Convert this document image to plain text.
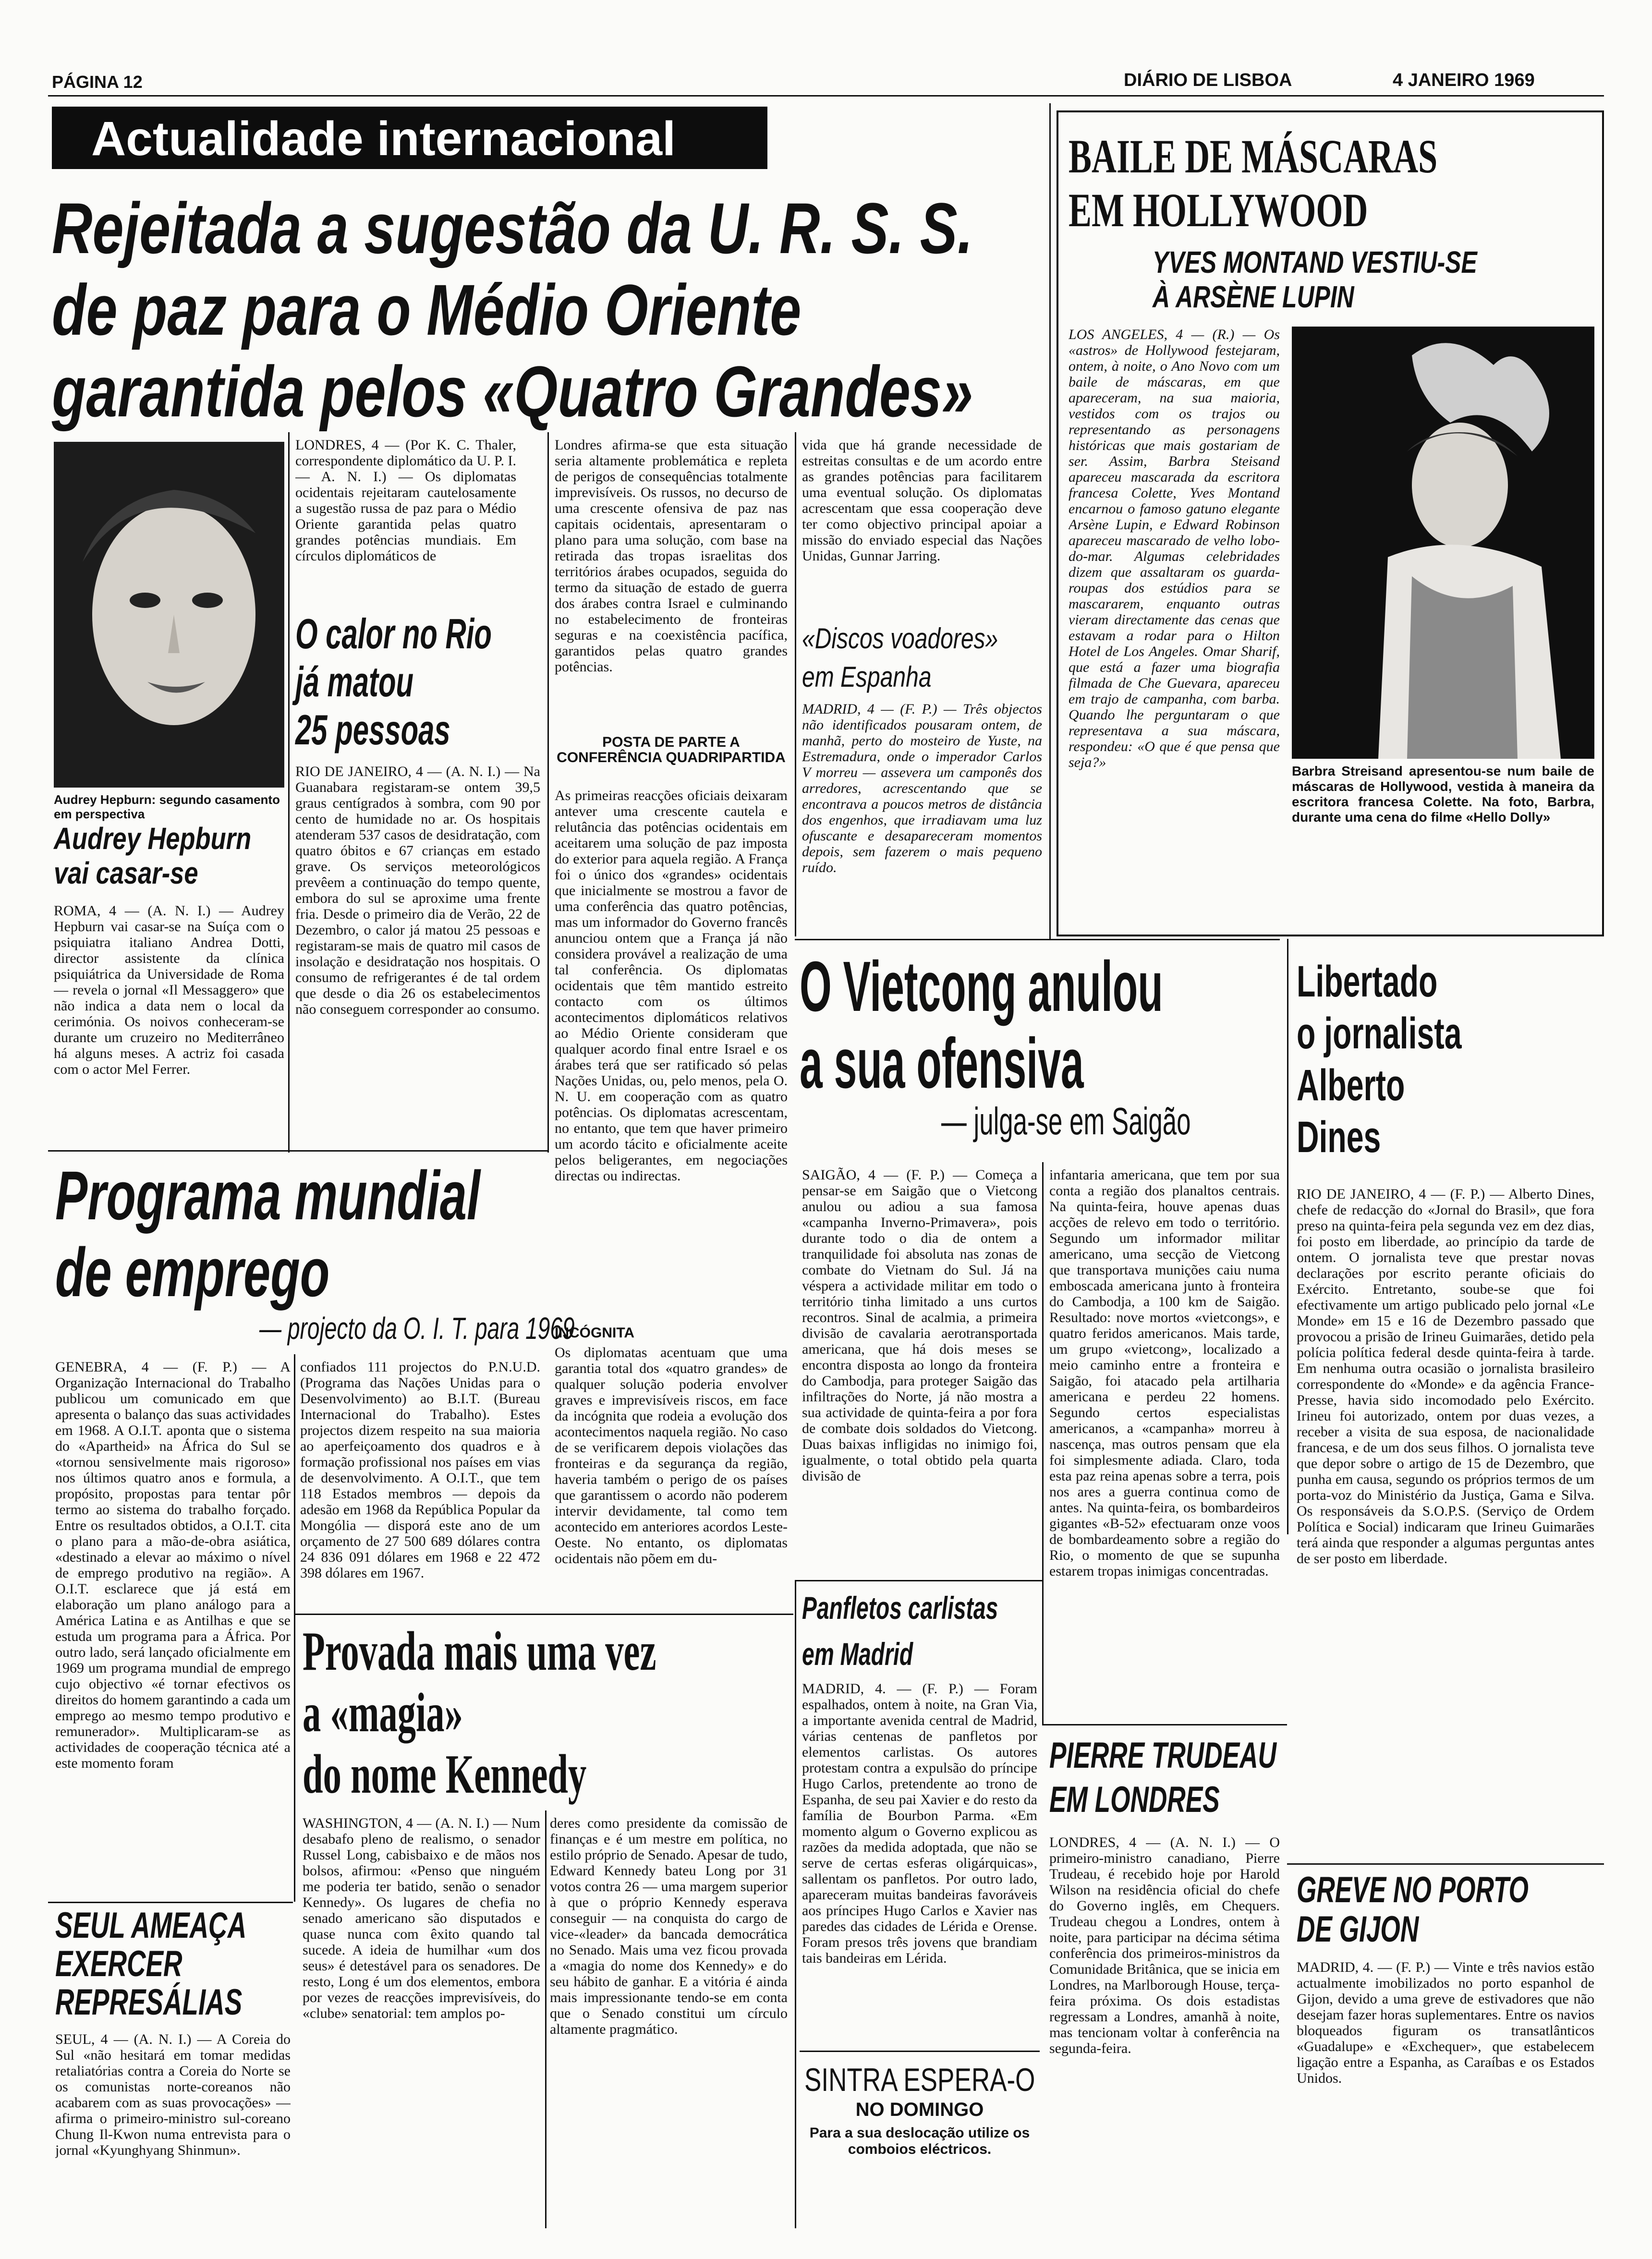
PÁGINA 12	DIÁRIO DE LISBOA	4 JANEIRO 1969
Actualidade internacional
Rejeitada a sugestão da U. R. S. S.
de paz para o Médio Oriente
garantida pelos «Quatro Grandes»
Audrey Hepburn: segundo casamento em perspectiva
Audrey Hepburn
vai casar-se
ROMA, 4 — (A. N. I.) — Audrey Hepburn vai casar-se na Suíça com o psiquiatra italiano Andrea Dotti, director assistente da clínica psiquiátrica da Universidade de Roma — revela o jornal «Il Messaggero» que não indica a data nem o local da cerimónia. Os noivos conheceram-se durante um cruzeiro no Mediterrâneo há alguns meses. A actriz foi casada com o actor Mel Ferrer.
LONDRES, 4 — (Por K. C. Thaler, correspondente diplomático da U. P. I. — A. N. I.) — Os diplomatas ocidentais rejeitaram cautelosamente a sugestão russa de paz para o Médio Oriente garantida pelas quatro grandes potências mundiais. Em círculos diplomáticos de
O calor no Rio
já matou
25 pessoas
RIO DE JANEIRO, 4 — (A. N. I.) — Na Guanabara registaram-se ontem 39,5 graus centígrados à sombra, com 90 por cento de humidade no ar. Os hospitais atenderam 537 casos de desidratação, com quatro óbitos e 67 crianças em estado grave. Os serviços meteorológicos prevêem a continuação do tempo quente, embora do sul se aproxime uma frente fria. Desde o primeiro dia de Verão, 22 de Dezembro, o calor já matou 25 pessoas e registaram-se mais de quatro mil casos de insolação e desidratação nos hospitais. O consumo de refrigerantes é de tal ordem que desde o dia 26 os estabelecimentos não conseguem corresponder ao consumo.
Londres afirma-se que esta situação seria altamente problemática e repleta de perigos de consequências totalmente imprevisíveis. Os russos, no decurso de uma crescente ofensiva de paz nas capitais ocidentais, apresentaram o plano para uma solução, com base na retirada das tropas israelitas dos territórios árabes ocupados, seguida do termo da situação de estado de guerra dos árabes contra Israel e culminando no estabelecimento de fronteiras seguras e na coexistência pacífica, garantidos pelas quatro grandes potências.
POSTA DE PARTE A CONFERÊNCIA QUADRIPARTIDA
As primeiras reacções oficiais deixaram antever uma crescente cautela e relutância das potências ocidentais em aceitarem uma solução de paz imposta do exterior para aquela região. A França foi o único dos «grandes» ocidentais que inicialmente se mostrou a favor de uma conferência das quatro potências, mas um informador do Governo francês anunciou ontem que a França já não considera provável a realização de uma tal conferência. Os diplomatas ocidentais que têm mantido estreito contacto com os últimos acontecimentos diplomáticos relativos ao Médio Oriente consideram que qualquer acordo final entre Israel e os árabes terá que ser ratificado só pelas Nações Unidas, ou, pelo menos, pela O. N. U. em cooperação com as quatro potências. Os diplomatas acrescentam, no entanto, que tem que haver primeiro um acordo tácito e oficialmente aceite pelos beligerantes, em negociações directas ou indirectas.
INCÓGNITA
Os diplomatas acentuam que uma garantia total dos «quatro grandes» de qualquer solução poderia envolver graves e imprevisíveis riscos, em face da incógnita que rodeia a evolução dos acontecimentos naquela região. No caso de se verificarem depois violações das fronteiras e da segurança da região, haveria também o perigo de os países que garantissem o acordo não poderem intervir devidamente, tal como tem acontecido em anteriores acordos Leste-Oeste. No entanto, os diplomatas ocidentais não põem em du-
vida que há grande necessidade de estreitas consultas e de um acordo entre as grandes potências para facilitarem uma eventual solução. Os diplomatas acrescentam que essa cooperação deve ter como objectivo principal apoiar a missão do enviado especial das Nações Unidas, Gunnar Jarring.
«Discos voadores»
em Espanha
MADRID, 4 — (F. P.) — Três objectos não identificados pousaram ontem, de manhã, perto do mosteiro de Yuste, na Estremadura, onde o imperador Carlos V morreu — asseverа um camponês dos arredores, acrescentando que se encontrava a poucos metros de distância dos engenhos, que irradiavam uma luz ofuscante e desapareceram momentos depois, sem fazerem o mais pequeno ruído.
BAILE DE MÁSCARAS
EM HOLLYWOOD
YVES MONTAND VESTIU-SE
À ARSÈNE LUPIN
LOS ANGELES, 4 — (R.) — Os «astros» de Hollywood festejaram, ontem, à noite, o Ano Novo com um baile de máscaras, em que apareceram, na sua maioria, vestidos com os trajos ou representando as personagens históricas que mais gostariam de ser. Assim, Barbra Steisand apareceu mascarada da escritora francesa Colette, Yves Montand encarnou o famoso gatuno elegante Arsène Lupin, e Edward Robinson apareceu mascarado de velho lobo-do-mar. Algumas celebridades dizem que assaltaram os guarda-roupas dos estúdios para se mascararem, enquanto outras vieram directamente das cenas que estavam a rodar para o Hilton Hotel de Los Angeles. Omar Sharif, que está a fazer uma biografia filmada de Che Guevara, apareceu em trajo de campanha, com barba. Quando lhe perguntaram o que representava a sua máscara, respondeu: «O que é que pensa que seja?»
Barbra Streisand apresentou-se num baile de máscaras de Hollywood, vestida à maneira da escritora francesa Colette. Na foto, Barbra, durante uma cena do filme «Hello Dolly»
O Vietcong anulou
a sua ofensiva
— julga-se em Saigão
SAIGÃO, 4 — (F. P.) — Começa a pensar-se em Saigão que o Vietcong anulou ou adiou a sua famosa «campanha Inverno-Primavera», pois durante todo o dia de ontem a tranquilidade foi absoluta nas zonas de combate do Vietnam do Sul. Já na véspera a actividade militar em todo o território tinha limitado a uns curtos recontros. Sinal de acalmia, a primeira divisão de cavalaria aerotransportada americana, que há dois meses se encontra disposta ao longo da fronteira do Cambodja, para proteger Saigão das infiltrações do Norte, já não mostra a sua actividade de quinta-feira a por fora de combate dois soldados do Vietcong. Duas baixas infligidas no inimigo foi, igualmente, o total obtido pela quarta divisão de
infantaria americana, que tem por sua conta a região dos planaltos centrais. Na quinta-feira, houve apenas duas acções de relevo em todo o território. Segundo um informador militar americano, uma secção de Vietcong que transportava munições caiu numa emboscada americana junto à fronteira do Cambodja, a 100 km de Saigão. Resultado: nove mortos «vietcongs», e quatro feridos americanos. Mais tarde, um grupo «vietcong», localizado a meio caminho entre a fronteira e Saigão, foi atacado pela artilharia americana e perdeu 22 homens. Segundo certos especialistas americanos, a «campanha» morreu à nascença, mas outros pensam que ela foi simplesmente adiada. Claro, toda esta paz reina apenas sobre a terra, pois nos ares a guerra continua como de antes. Na quinta-feira, os bombardeiros gigantes «B-52» efectuaram onze voos de bombardeamento sobre a região do Rio, o momento de que se supunha estarem tropas inimigas concentradas.
Libertado
o jornalista
Alberto
Dines
RIO DE JANEIRO, 4 — (F. P.) — Alberto Dines, chefe de redacção do «Jornal do Brasil», que fora preso na quinta-feira pela segunda vez em dez dias, foi posto em liberdade, ao princípio da tarde de ontem. O jornalista teve que prestar novas declarações por escrito perante oficiais do Exército. Entretanto, soube-se que foi efectivamente um artigo publicado pelo jornal «Le Monde» em 15 e 16 de Dezembro passado que provocou a prisão de Irineu Guimarães, detido pela polícia política federal desde quinta-feira à tarde. Em nenhuma outra ocasião o jornalista brasileiro correspondente do «Monde» e da agência France-Presse, havia sido incomodado pelo Exército. Irineu foi autorizado, ontem por duas vezes, a receber a visita de sua esposa, de nacionalidade francesa, e de um dos seus filhos. O jornalista teve que depor sobre o artigo de 15 de Dezembro, que punha em causa, segundo os próprios termos de um porta-voz do Ministério da Justiça, Gama e Silva. Os responsáveis da S.O.P.S. (Serviço de Ordem Política e Social) indicaram que Irineu Guimarães terá ainda que responder a algumas perguntas antes de ser posto em liberdade.
GREVE NO PORTO
DE GIJON
MADRID, 4. — (F. P.) — Vinte e três navios estão actualmente imobilizados no porto espanhol de Gijon, devido a uma greve de estivadores que não desejam fazer horas suplementares. Entre os navios bloqueados figuram os transatlânticos «Guadalupe» e «Exchequer», que estabelecem ligação entre a Espanha, as Caraíbas e os Estados Unidos.
Programa mundial
de emprego
— projecto da O. I. T. para 1969
GENEBRA, 4 — (F. P.) — A Organização Internacional do Trabalho publicou um comunicado em que apresenta o balanço das suas actividades em 1968. A O.I.T. aponta que o sistema do «Apartheid» na África do Sul se «tornou sensivelmente mais rigoroso» nos últimos quatro anos e formula, a propósito, propostas para tentar pôr termo ao sistema do trabalho forçado. Entre os resultados obtidos, a O.I.T. cita o plano para a mão-de-obra asiática, «destinado a elevar ao máximo o nível de emprego produtivo na região». A O.I.T. esclarece que já está em elaboração um plano análogo para a América Latina e as Antilhas e que se estuda um programa para a África. Por outro lado, será lançado oficialmente em 1969 um programa mundial de emprego cujo objectivo «é tornar efectivos os direitos do homem garantindo a cada um emprego ao mesmo tempo produtivo e remunerador». Multiplicaram-se as actividades de cooperação técnica até a este momento foram
confiados 111 projectos do P.N.U.D. (Programa das Nações Unidas para o Desenvolvimento) ao B.I.T. (Bureau Internacional do Trabalho). Estes projectos dizem respeito na sua maioria ao aperfeiçoamento dos quadros e à formação profissional nos países em vias de desenvolvimento. A O.I.T., que tem 118 Estados membros — depois da adesão em 1968 da República Popular da Mongólia — disporá este ano de um orçamento de 27 500 689 dólares contra 24 836 091 dólares em 1968 e 22 472 398 dólares em 1967.
SEUL AMEAÇA
EXERCER
REPRESÁLIAS
SEUL, 4 — (A. N. I.) — A Coreia do Sul «não hesitará em tomar medidas retaliatórias contra a Coreia do Norte se os comunistas norte-coreanos não acabarem com as suas provocações» — afirma o primeiro-ministro sul-coreano Chung Il-Kwon numa entrevista para o jornal «Kyunghyang Shinmun».
Provada mais uma vez
a «magia»
do nome Kennedy
WASHINGTON, 4 — (A. N. I.) — Num desabafo pleno de realismo, o senador Russel Long, cabisbaixo e de mãos nos bolsos, afirmou: «Penso que ninguém me poderia ter batido, senão o senador Kennedy». Os lugares de chefia no senado americano são disputados e quase nunca com êxito quando tal sucede. A ideia de humilhar «um dos seus» é detestável para os senadores. De resto, Long é um dos elementos, embora por vezes de reacções imprevisíveis, do «clube» senatorial: tem amplos po-
deres como presidente da comissão de finanças e é um mestre em política, no estilo próprio de Senado. Apesar de tudo, Edward Kennedy bateu Long por 31 votos contra 26 — uma margem superior à que o próprio Kennedy esperava conseguir — na conquista do cargo de vice-«leader» da bancada democrática no Senado. Mais uma vez ficou provada a «magia do nome dos Kennedy» e do seu hábito de ganhar. E a vitória é ainda mais impressionante tendo-se em conta que o Senado constitui um círculo altamente pragmático.
Panfletos carlistas
em Madrid
MADRID, 4. — (F. P.) — Foram espalhados, ontem à noite, na Gran Via, a importante avenida central de Madrid, várias centenas de panfletos por elementos carlistas. Os autores protestam contra a expulsão do príncipe Hugo Carlos, pretendente ao trono de Espanha, de seu pai Xavier e do resto da família de Bourbon Parma. «Em momento algum o Governo explicou as razões da medida adoptada, que não se serve de certas esferas oligárquicas», sallentam os panfletos. Por outro lado, apareceram muitas bandeiras favoráveis aos príncipes Hugo Carlos e Xavier nas paredes das cidades de Lérida e Orense. Foram presos três jovens que brandiam tais bandeiras em Lérida.
SINTRA ESPERA-O
NO DOMINGO
Para a sua deslocação utilize os comboios eléctricos.
PIERRE TRUDEAU
EM LONDRES
LONDRES, 4 — (A. N. I.) — O primeiro-ministro canadiano, Pierre Trudeau, é recebido hoje por Harold Wilson na residência oficial do chefe do Governo inglês, em Chequers. Trudeau chegou a Londres, ontem à noite, para participar na décima sétima conferência dos primeiros-ministros da Comunidade Britânica, que se inicia em Londres, na Marlborough House, terça-feira próxima. Os dois estadistas regressam a Londres, amanhã à noite, mas tencionam voltar à conferência na segunda-feira.
